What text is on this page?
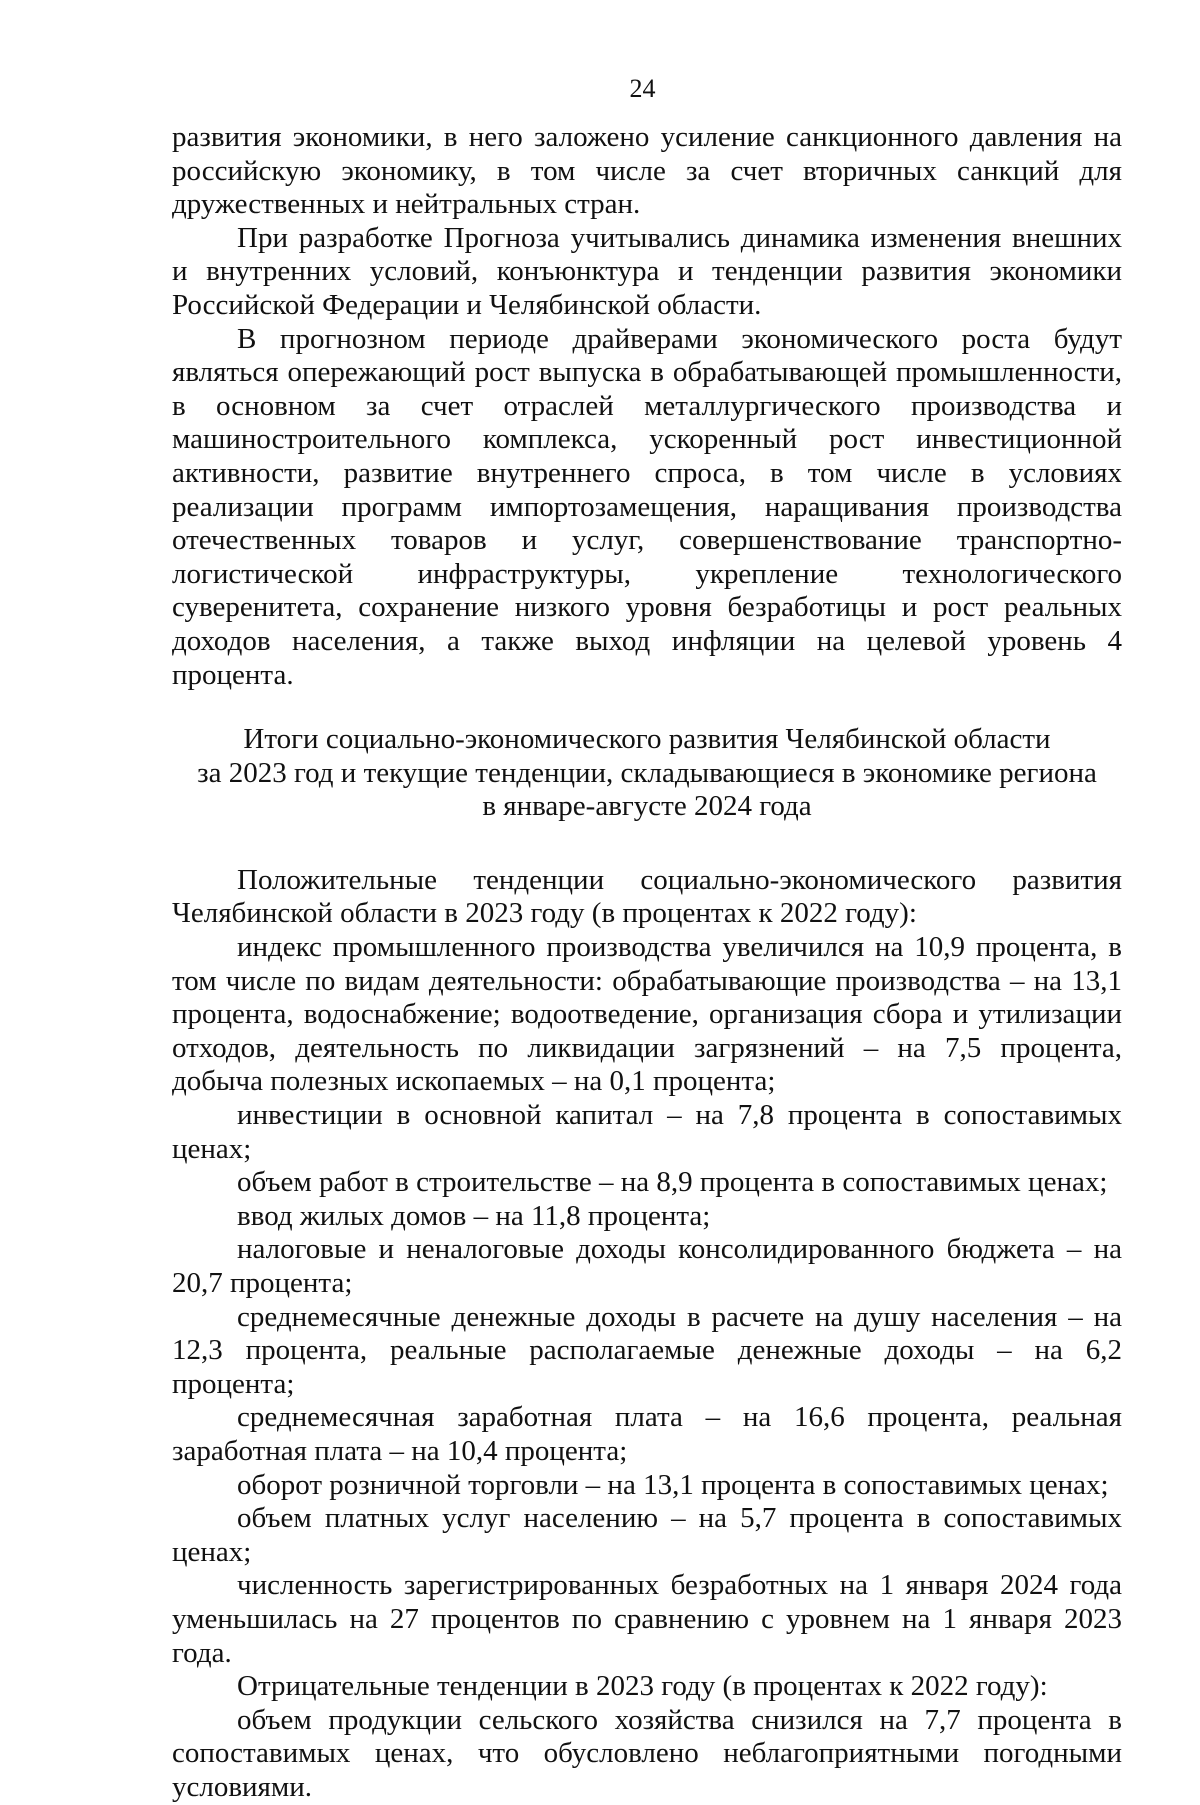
24

развития экономики, в него заложено усиление санкционного давления на российскую экономику, в том числе за счет вторичных санкций для дружественных и нейтральных стран.

При разработке Прогноза учитывались динамика изменения внешних и внутренних условий, конъюнктура и тенденции развития экономики Российской Федерации и Челябинской области.

В прогнозном периоде драйверами экономического роста будут являться опережающий рост выпуска в обрабатывающей промышленности, в основном за счет отраслей металлургического производства и машиностроительного комплекса, ускоренный рост инвестиционной активности, развитие внутреннего спроса, в том числе в условиях реализации программ импортозамещения, наращивания производства отечественных товаров и услуг, совершенствование транспортно-логистической инфраструктуры, укрепление технологического суверенитета, сохранение низкого уровня безработицы и рост реальных доходов населения, а также выход инфляции на целевой уровень 4 процента.

Итоги социально-экономического развития Челябинской области
за 2023 год и текущие тенденции, складывающиеся в экономике региона
в январе-августе 2024 года

Положительные тенденции социально-экономического развития Челябинской области в 2023 году (в процентах к 2022 году):

индекс промышленного производства увеличился на 10,9 процента, в том числе по видам деятельности: обрабатывающие производства – на 13,1 процента, водоснабжение; водоотведение, организация сбора и утилизации отходов, деятельность по ликвидации загрязнений – на 7,5 процента, добыча полезных ископаемых – на 0,1 процента;

инвестиции в основной капитал – на 7,8 процента в сопоставимых ценах;

объем работ в строительстве – на 8,9 процента в сопоставимых ценах;

ввод жилых домов – на 11,8 процента;

налоговые и неналоговые доходы консолидированного бюджета – на 20,7 процента;

среднемесячные денежные доходы в расчете на душу населения – на 12,3 процента, реальные располагаемые денежные доходы – на 6,2 процента;

среднемесячная заработная плата – на 16,6 процента, реальная заработная плата – на 10,4 процента;

оборот розничной торговли – на 13,1 процента в сопоставимых ценах;

объем платных услуг населению – на 5,7 процента в сопоставимых ценах;

численность зарегистрированных безработных на 1 января 2024 года уменьшилась на 27 процентов по сравнению с уровнем на 1 января 2023 года.

Отрицательные тенденции в 2023 году (в процентах к 2022 году):

объем продукции сельского хозяйства снизился на 7,7 процента в сопоставимых ценах, что обусловлено неблагоприятными погодными условиями.
